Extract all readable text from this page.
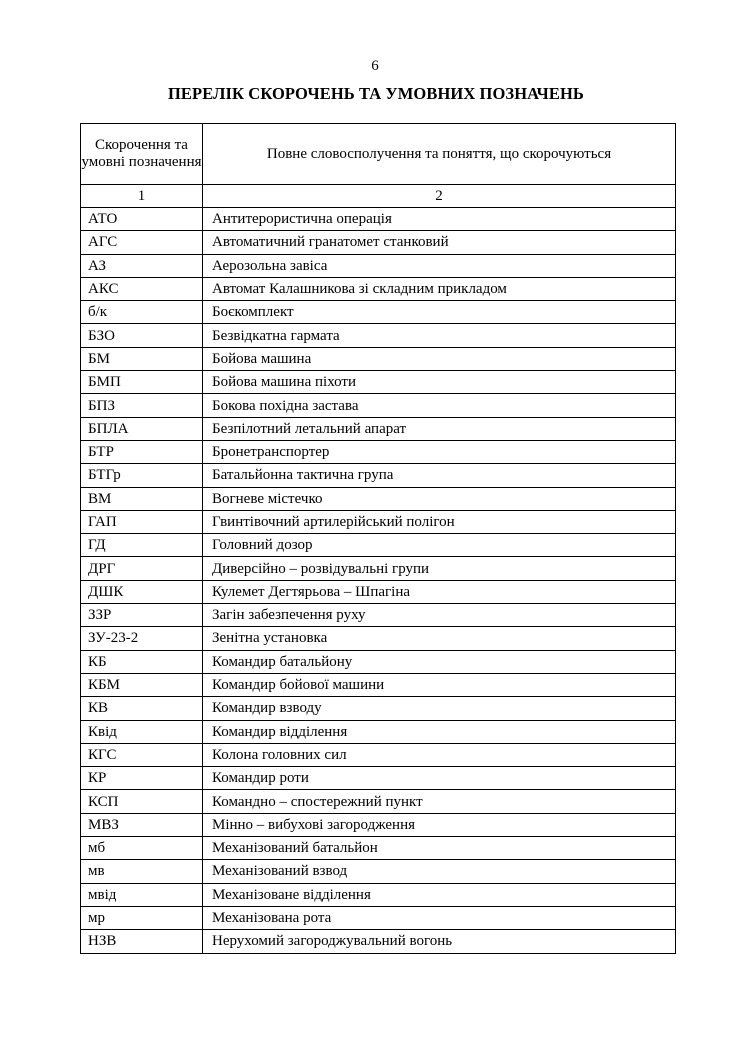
6
ПЕРЕЛІК СКОРОЧЕНЬ ТА УМОВНИХ ПОЗНАЧЕНЬ
Скорочення та умовні позначення	Повне словосполучення та поняття, що скорочуються
1	2
АТО	Антитерористична операція
АГС	Автоматичний гранатомет станковий
АЗ	Аерозольна завіса
АКС	Автомат Калашникова зі складним прикладом
б/к	Боєкомплект
БЗО	Безвідкатна гармата
БМ	Бойова машина
БМП	Бойова машина піхоти
БПЗ	Бокова похідна застава
БПЛА	Безпілотний летальний апарат
БТР	Бронетранспортер
БТГр	Батальйонна тактична група
ВМ	Вогневе містечко
ГАП	Гвинтівочний артилерійський полігон
ГД	Головний дозор
ДРГ	Диверсійно – розвідувальні групи
ДШК	Кулемет Дегтярьова – Шпагіна
ЗЗР	Загін забезпечення руху
ЗУ-23-2	Зенітна установка
КБ	Командир батальйону
КБМ	Командир бойової машини
КВ	Командир взводу
Квід	Командир відділення
КГС	Колона головних сил
КР	Командир роти
КСП	Командно – спостережний пункт
МВЗ	Мінно – вибухові загородження
мб	Механізований батальйон
мв	Механізований взвод
мвід	Механізоване відділення
мр	Механізована рота
НЗВ	Нерухомий загороджувальний вогонь
